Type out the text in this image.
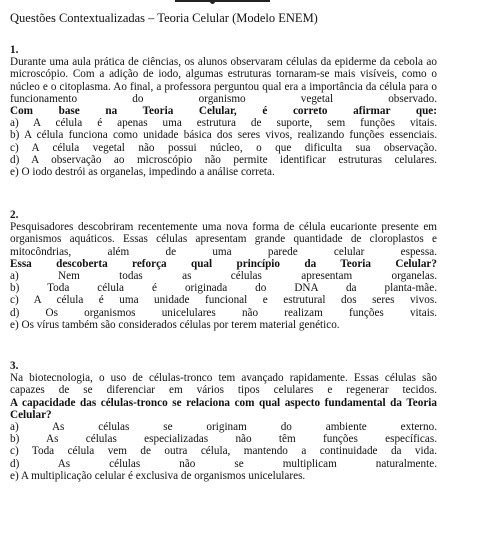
Questões Contextualizadas – Teoria Celular (Modelo ENEM)
1.
Durante uma aula prática de ciências, os alunos observaram células da epiderme da cebola ao microscópio. Com a adição de iodo, algumas estruturas tornaram-se mais visíveis, como o núcleo e o citoplasma. Ao final, a professora perguntou qual era a importância da célula para o funcionamento do organismo vegetal observado.
Com base na Teoria Celular, é correto afirmar que:
a) A célula é apenas uma estrutura de suporte, sem funções vitais.
b) A célula funciona como unidade básica dos seres vivos, realizando funções essenciais.
c) A célula vegetal não possui núcleo, o que dificulta sua observação.
d) A observação ao microscópio não permite identificar estruturas celulares.
e) O iodo destrói as organelas, impedindo a análise correta.
2.
Pesquisadores descobriram recentemente uma nova forma de célula eucarionte presente em organismos aquáticos. Essas células apresentam grande quantidade de cloroplastos e mitocôndrias, além de uma parede celular espessa.
Essa descoberta reforça qual princípio da Teoria Celular?
a) Nem todas as células apresentam organelas.
b) Toda célula é originada do DNA da planta-mãe.
c) A célula é uma unidade funcional e estrutural dos seres vivos.
d) Os organismos unicelulares não realizam funções vitais.
e) Os vírus também são considerados células por terem material genético.
3.
Na biotecnologia, o uso de células-tronco tem avançado rapidamente. Essas células são capazes de se diferenciar em vários tipos celulares e regenerar tecidos.
A capacidade das células-tronco se relaciona com qual aspecto fundamental da Teoria Celular?
a) As células se originam do ambiente externo.
b) As células especializadas não têm funções específicas.
c) Toda célula vem de outra célula, mantendo a continuidade da vida.
d) As células não se multiplicam naturalmente.
e) A multiplicação celular é exclusiva de organismos unicelulares.
